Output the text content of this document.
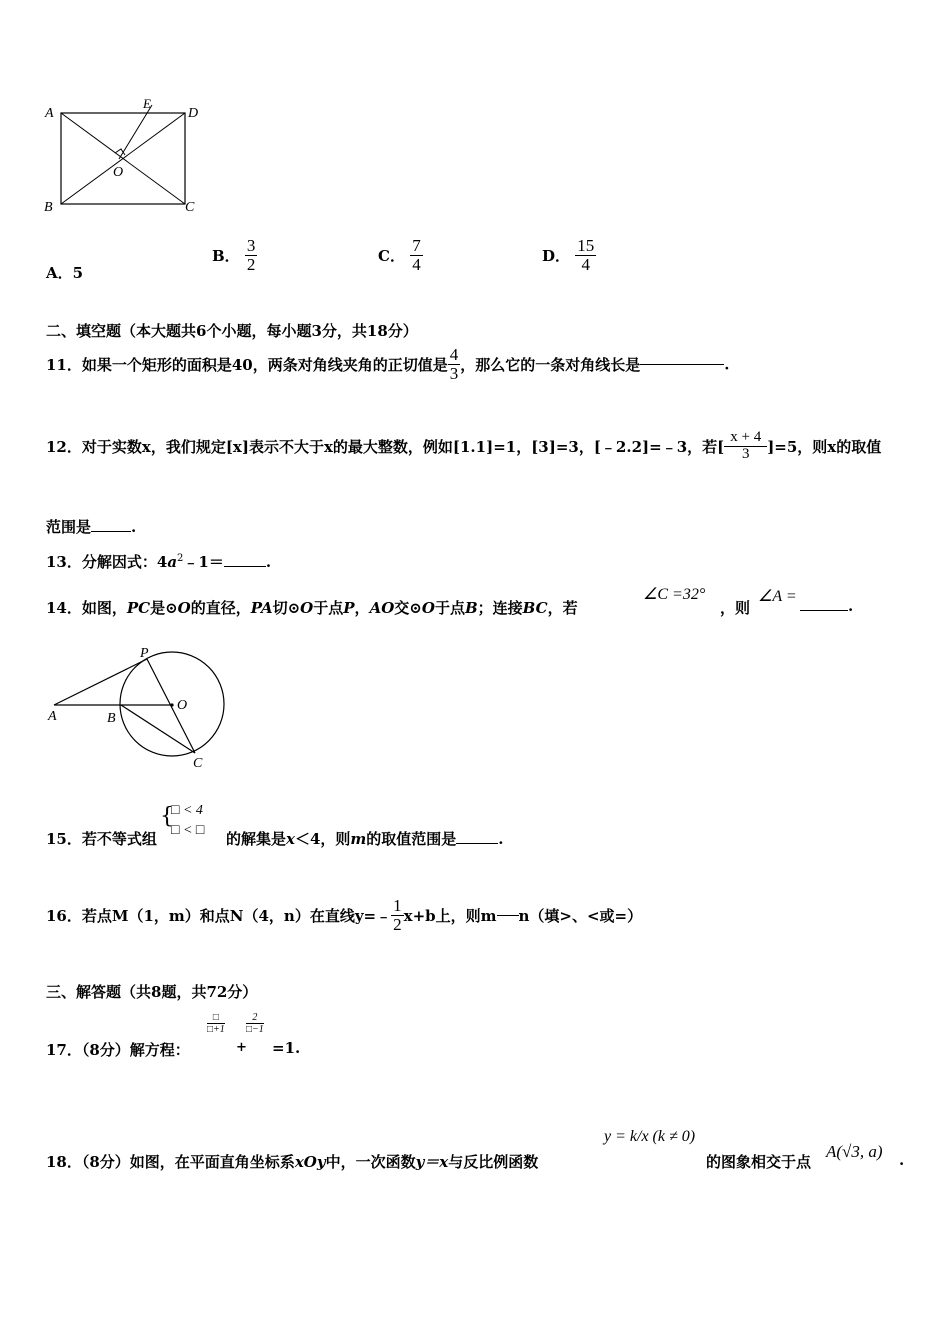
A
E
D
O
B	C
A．5
B． $\frac{3}{2}$	C． $\frac{7}{4}$	D． $\frac{15}{4}$
二、填空题（本大题共6个小题，每小题3分，共18分）
11．如果一个矩形的面积是40，两条对角线夹角的正切值是 $\frac{4}{3}$ ，那么它的一条对角线长是	.
12．对于实数x，我们规定[x]表示不大于x的最大整数，例如[1.1]=1，[3]=3，[﹣2.2]=﹣3，若[ $\frac{x + 4}{3} ]=5$，则x的取值
范围是	.
13．分解因式：$4a^2﹣1=$	.
14．如图，PC是⊙O的直径，PA切⊙O于点P，AO交⊙O于点B；连接BC，若
∠C =32°
，则
∠A =
.
P
A	B
O
C
15．若不等式组
{
□ < 4
□ < □ 的解集是x＜4，则m的取值范围是	.
16．若点M（1，m）和点N（4，n）在直线y=﹣ $\frac{1}{2} x+b$上，则m n（填>、<或=）
三、解答题（共8题，共72分）
17．（8分）解方程：
□
□+1
+
2
□−1
=1.
18．（8分）如图，在平面直角坐标系xOy中，一次函数y＝x与反比例函数
y = k/x (k ≠ 0)
的图象相交于点
A(√3, a) .
